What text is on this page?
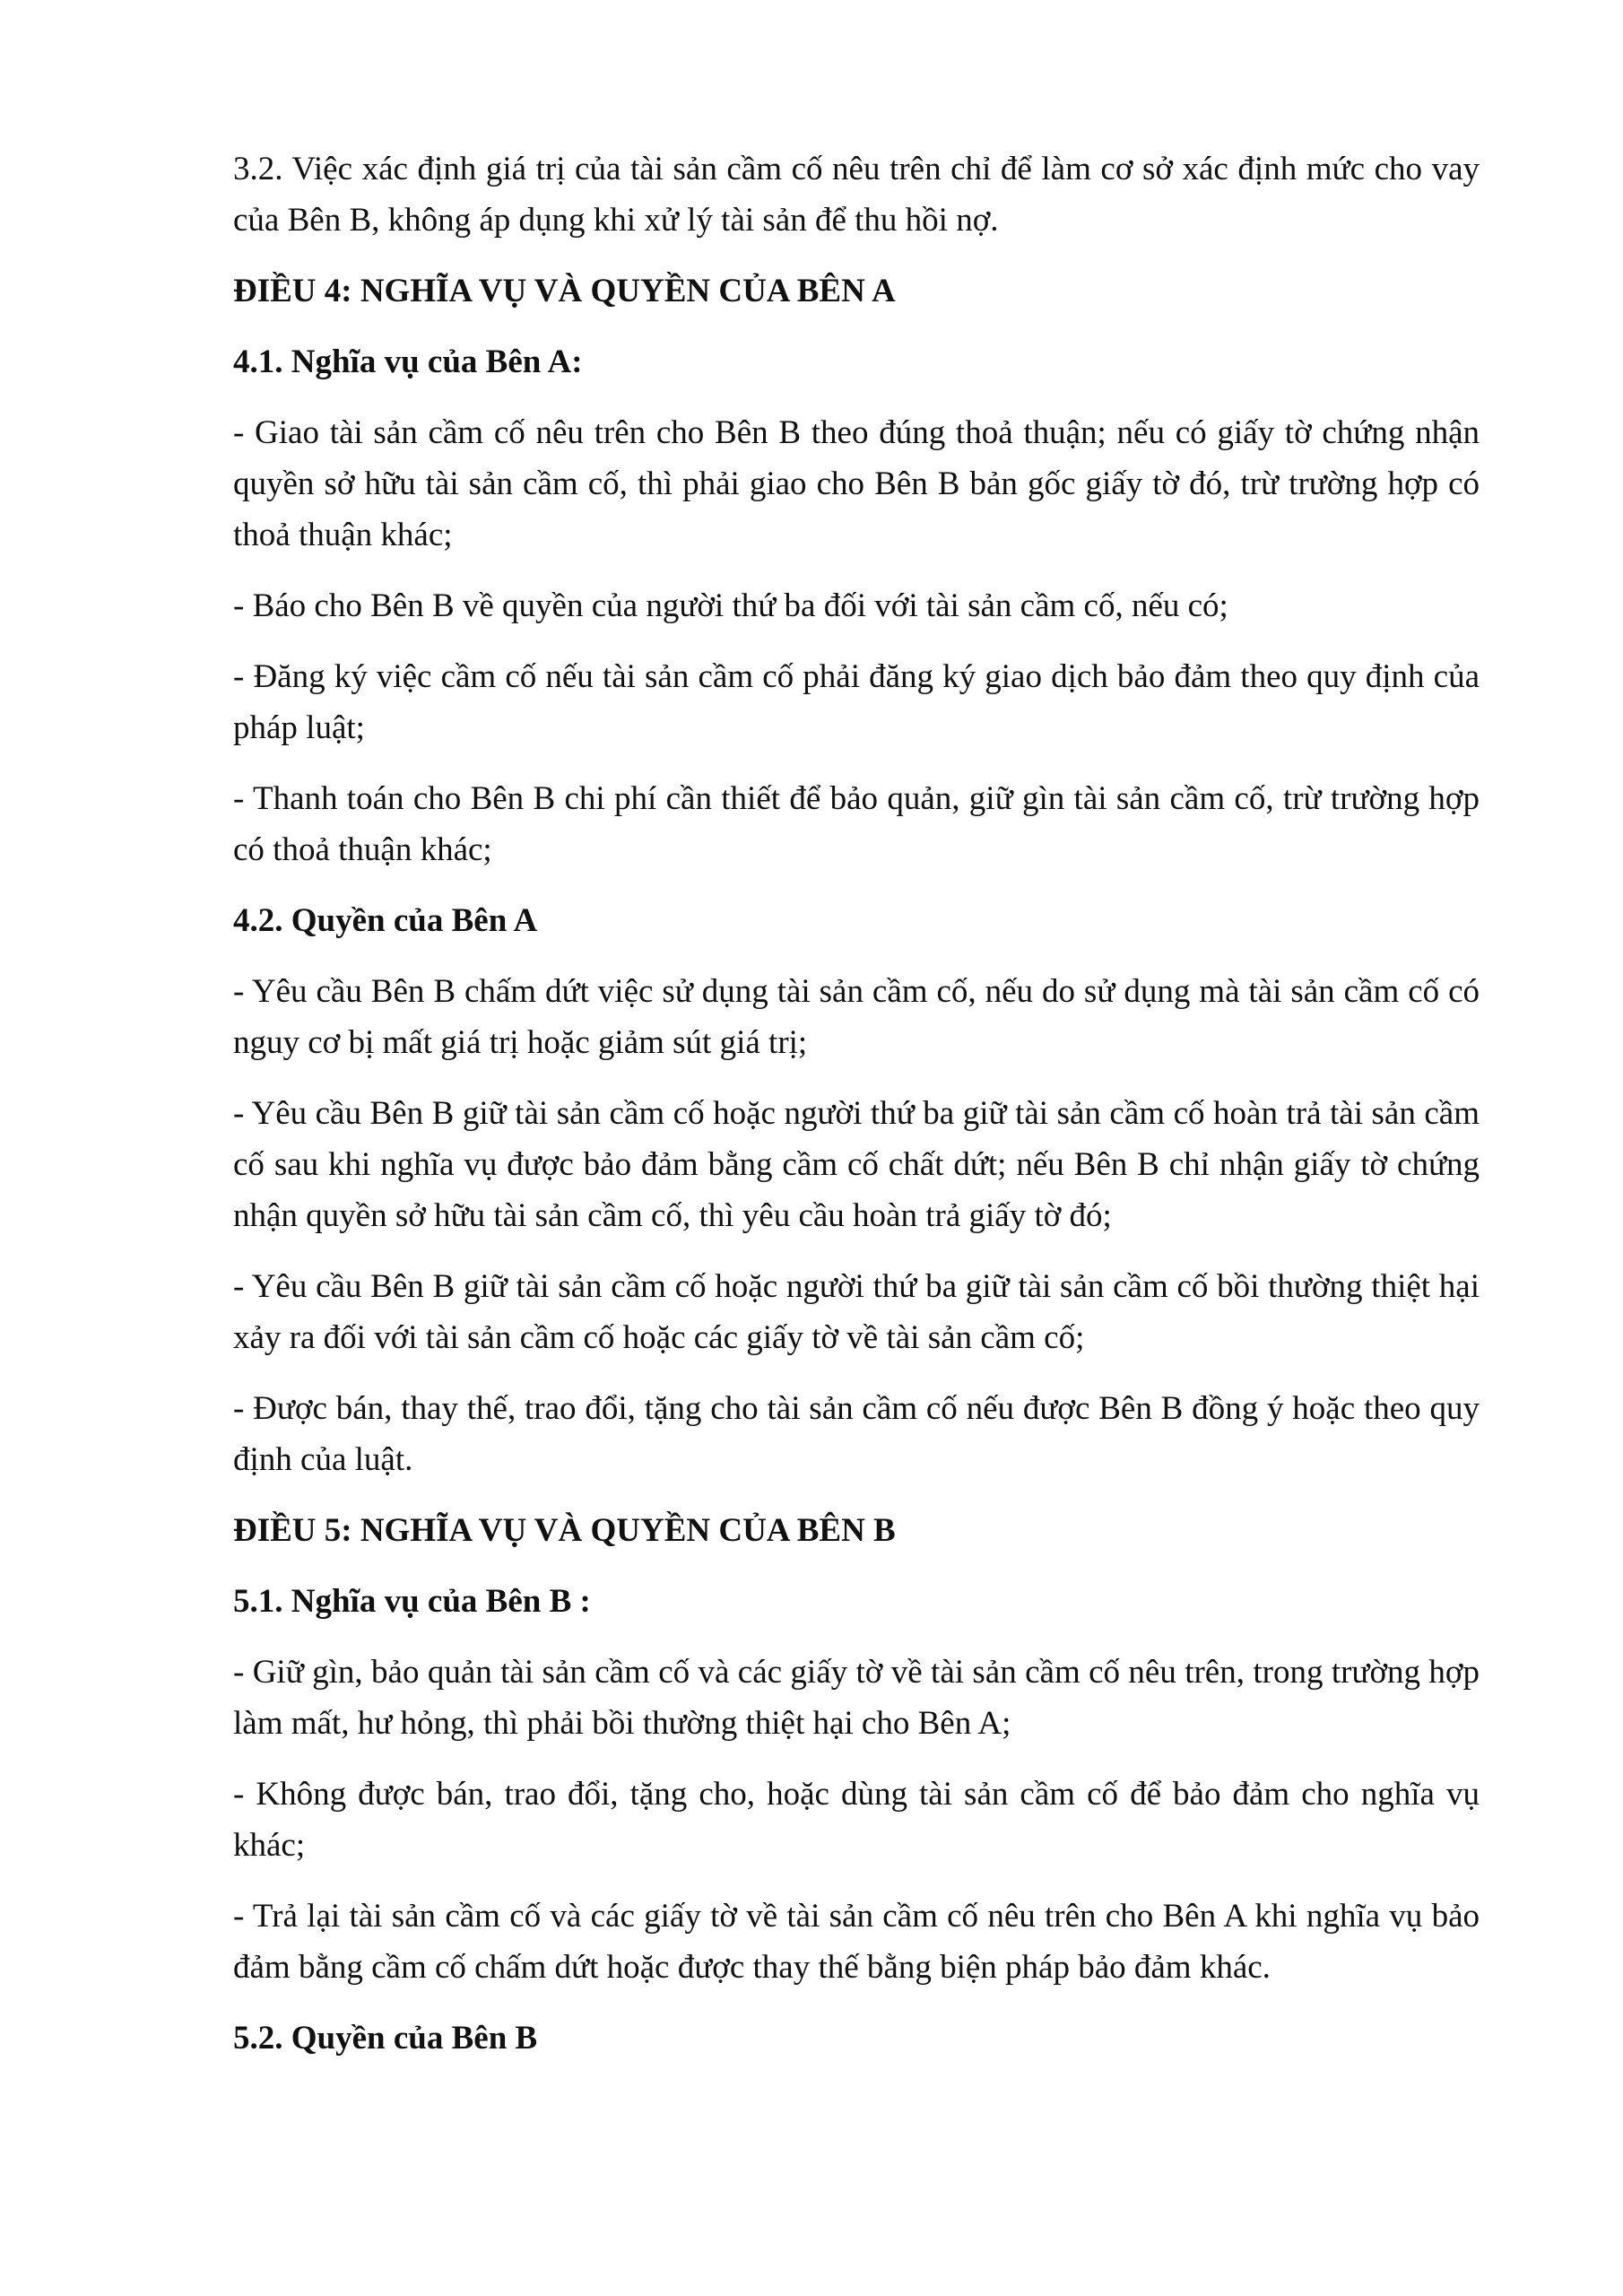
3.2. Việc xác định giá trị của tài sản cầm cố nêu trên chỉ để làm cơ sở xác định mức cho vay của Bên B, không áp dụng khi xử lý tài sản để thu hồi nợ.

ĐIỀU 4: NGHĨA VỤ VÀ QUYỀN CỦA BÊN A

4.1. Nghĩa vụ của Bên A:

- Giao tài sản cầm cố nêu trên cho Bên B theo đúng thoả thuận; nếu có giấy tờ chứng nhận quyền sở hữu tài sản cầm cố, thì phải giao cho Bên B bản gốc giấy tờ đó, trừ trường hợp có thoả thuận khác;

- Báo cho Bên B về quyền của người thứ ba đối với tài sản cầm cố, nếu có;

- Đăng ký việc cầm cố nếu tài sản cầm cố phải đăng ký giao dịch bảo đảm theo quy định của pháp luật;

- Thanh toán cho Bên B chi phí cần thiết để bảo quản, giữ gìn tài sản cầm cố, trừ trường hợp có thoả thuận khác;

4.2. Quyền của Bên A

- Yêu cầu Bên B chấm dứt việc sử dụng tài sản cầm cố, nếu do sử dụng mà tài sản cầm cố có nguy cơ bị mất giá trị hoặc giảm sút giá trị;

- Yêu cầu Bên B giữ tài sản cầm cố hoặc người thứ ba giữ tài sản cầm cố hoàn trả tài sản cầm cố sau khi nghĩa vụ được bảo đảm bằng cầm cố chất dứt; nếu Bên B chỉ nhận giấy tờ chứng nhận quyền sở hữu tài sản cầm cố, thì yêu cầu hoàn trả giấy tờ đó;

- Yêu cầu Bên B giữ tài sản cầm cố hoặc người thứ ba giữ tài sản cầm cố bồi thường thiệt hại xảy ra đối với tài sản cầm cố hoặc các giấy tờ về tài sản cầm cố;

- Được bán, thay thế, trao đổi, tặng cho tài sản cầm cố nếu được Bên B đồng ý hoặc theo quy định của luật.

ĐIỀU 5: NGHĨA VỤ VÀ QUYỀN CỦA BÊN B

5.1. Nghĩa vụ của Bên B :

- Giữ gìn, bảo quản tài sản cầm cố và các giấy tờ về tài sản cầm cố nêu trên, trong trường hợp làm mất, hư hỏng, thì phải bồi thường thiệt hại cho Bên A;

- Không được bán, trao đổi, tặng cho, hoặc dùng tài sản cầm cố để bảo đảm cho nghĩa vụ khác;

- Trả lại tài sản cầm cố và các giấy tờ về tài sản cầm cố nêu trên cho Bên A khi nghĩa vụ bảo đảm bằng cầm cố chấm dứt hoặc được thay thế bằng biện pháp bảo đảm khác.

5.2. Quyền của Bên B
